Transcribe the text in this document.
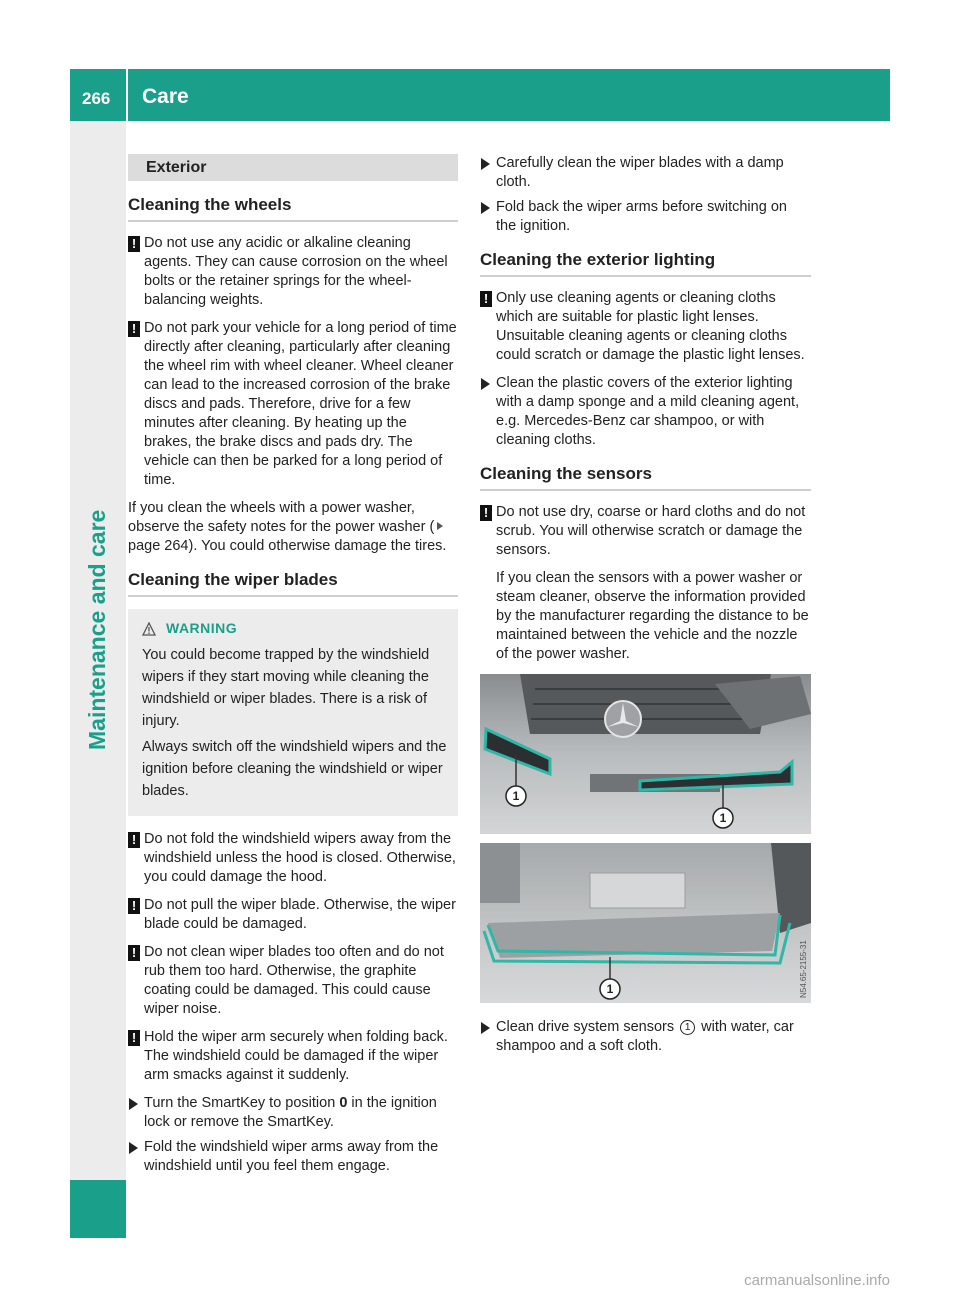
266 Care
Maintenance and care
Exterior
Cleaning the wheels
! Do not use any acidic or alkaline cleaning agents. They can cause corrosion on the wheel bolts or the retainer springs for the wheel-balancing weights.
! Do not park your vehicle for a long period of time directly after cleaning, particularly after cleaning the wheel rim with wheel cleaner. Wheel cleaner can lead to the increased corrosion of the brake discs and pads. Therefore, drive for a few minutes after cleaning. By heating up the brakes, the brake discs and pads dry. The vehicle can then be parked for a long period of time.

If you clean the wheels with a power washer, observe the safety notes for the power washer (page 264). You could otherwise damage the tires.

Cleaning the wiper blades
WARNING

You could become trapped by the windshield wipers if they start moving while cleaning the windshield or wiper blades. There is a risk of injury.

Always switch off the windshield wipers and the ignition before cleaning the windshield or wiper blades.

! Do not fold the windshield wipers away from the windshield unless the hood is closed. Otherwise, you could damage the hood.
! Do not pull the wiper blade. Otherwise, the wiper blade could be damaged.
! Do not clean wiper blades too often and do not rub them too hard. Otherwise, the graphite coating could be damaged. This could cause wiper noise.
! Hold the wiper arm securely when folding back. The windshield could be damaged if the wiper arm smacks against it suddenly.
Turn the SmartKey to position 0 in the ignition lock or remove the SmartKey.
Fold the windshield wiper arms away from the windshield until you feel them engage.
Carefully clean the wiper blades with a damp cloth.
Fold back the wiper arms before switching on the ignition.
Cleaning the exterior lighting
! Only use cleaning agents or cleaning cloths which are suitable for plastic light lenses. Unsuitable cleaning agents or cleaning cloths could scratch or damage the plastic light lenses.
Clean the plastic covers of the exterior lighting with a damp sponge and a mild cleaning agent, e.g. Mercedes-Benz car shampoo, or with cleaning cloths.
Cleaning the sensors
! Do not use dry, coarse or hard cloths and do not scrub. You will otherwise scratch or damage the sensors.

If you clean the sensors with a power washer or steam cleaner, observe the information provided by the manufacturer regarding the distance to be maintained between the vehicle and the nozzle of the power washer.

1
1
1	N54.65-2155-31
Clean drive system sensors 1 with water, car shampoo and a soft cloth.
carmanualsonline.info
